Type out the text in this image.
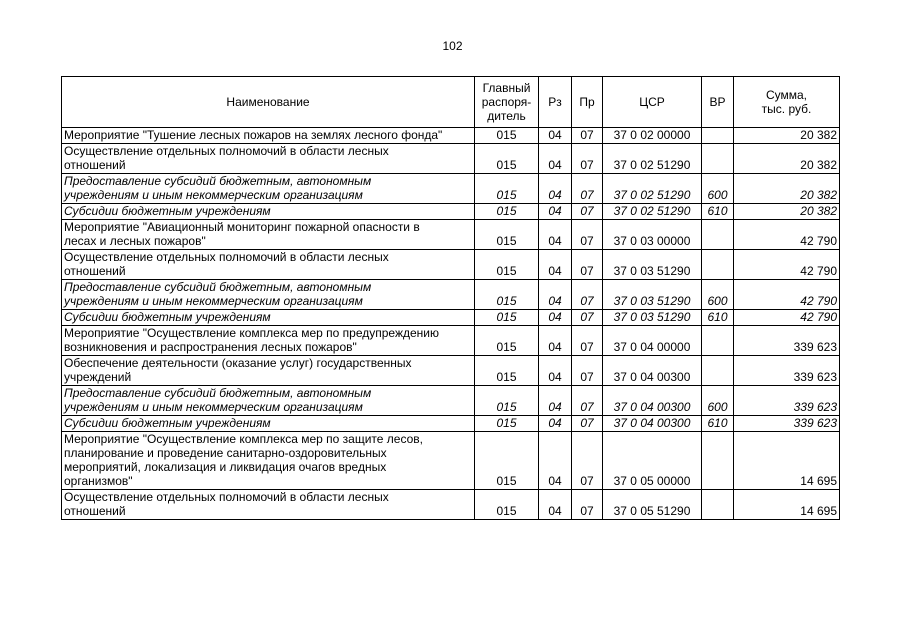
102
Наименование	Главный
распоря-
дитель	Рз	Пр	ЦСР	ВР	Сумма,
тыс. руб.

Мероприятие "Тушение лесных пожаров на землях лесного фонда"	015	04	07	37 0 02 00000		20 382

Осуществление отдельных полномочий в области лесных
отношений	015	04	07	37 0 02 51290		20 382

Предоставление субсидий бюджетным, автономным
учреждениям и иным некоммерческим организациям	015	04	07	37 0 02 51290	600	20 382

Субсидии бюджетным учреждениям	015	04	07	37 0 02 51290	610	20 382

Мероприятие "Авиационный мониторинг пожарной опасности в
лесах и лесных пожаров"	015	04	07	37 0 03 00000		42 790

Осуществление отдельных полномочий в области лесных
отношений	015	04	07	37 0 03 51290		42 790

Предоставление субсидий бюджетным, автономным
учреждениям и иным некоммерческим организациям	015	04	07	37 0 03 51290	600	42 790

Субсидии бюджетным учреждениям	015	04	07	37 0 03 51290	610	42 790

Мероприятие "Осуществление комплекса мер по предупреждению
возникновения и распространения лесных пожаров"	015	04	07	37 0 04 00000		339 623

Обеспечение деятельности (оказание услуг) государственных
учреждений	015	04	07	37 0 04 00300		339 623

Предоставление субсидий бюджетным, автономным
учреждениям и иным некоммерческим организациям	015	04	07	37 0 04 00300	600	339 623

Субсидии бюджетным учреждениям	015	04	07	37 0 04 00300	610	339 623

Мероприятие "Осуществление комплекса мер по защите лесов,
планирование и проведение санитарно-оздоровительных
мероприятий, локализация и ликвидация очагов вредных
организмов"	015	04	07	37 0 05 00000		14 695

Осуществление отдельных полномочий в области лесных
отношений	015	04	07	37 0 05 51290		14 695
